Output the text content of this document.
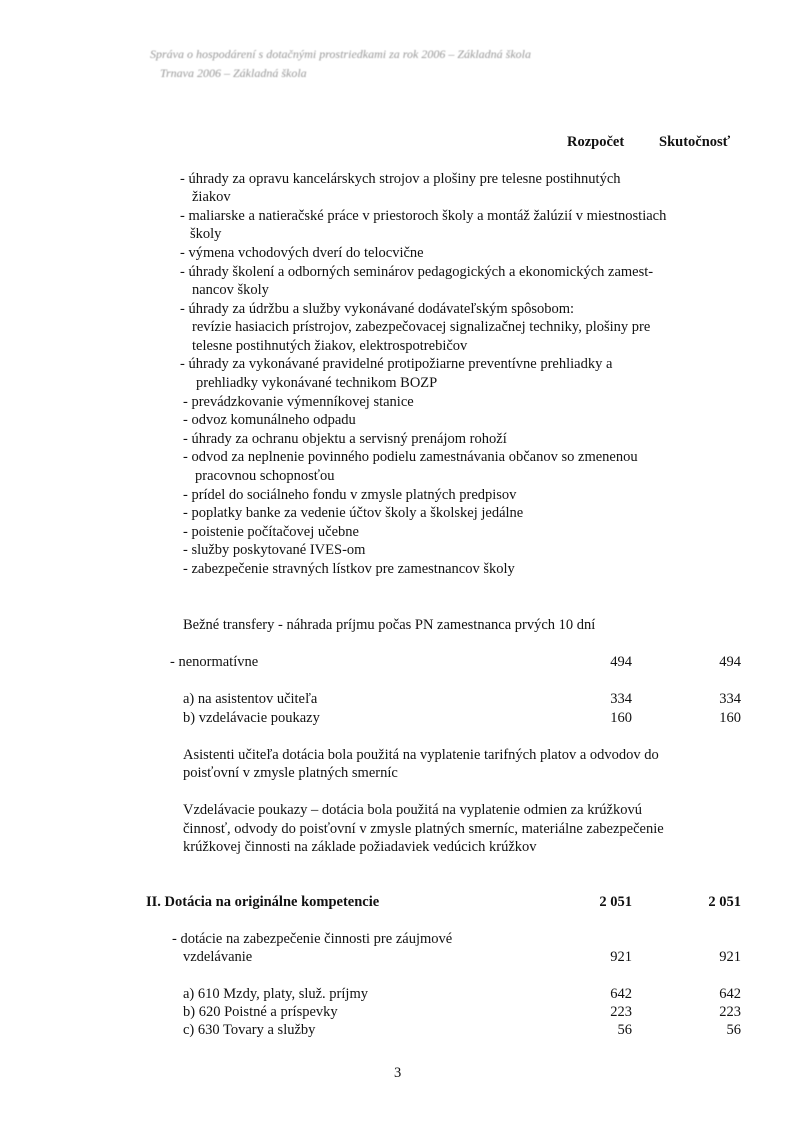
Správa o hospodárení s dotačnými prostriedkami za rok 2006 – Základná škola
Trnava 2006 – Základná škola
Rozpočet Skutočnosť
- úhrady za opravu kancelárskych strojov a plošiny pre telesne postihnutých
žiakov
- maliarske a natieračské práce v priestoroch školy a montáž žalúzií v miestnostiach
školy
- výmena vchodových dverí do telocvične
- úhrady školení a odborných seminárov pedagogických a ekonomických zamest-
nancov školy
- úhrady za údržbu a služby vykonávané dodávateľským spôsobom:
revízie hasiacich prístrojov, zabezpečovacej signalizačnej techniky, plošiny pre
telesne postihnutých žiakov, elektrospotrebičov
- úhrady za vykonávané pravidelné protipožiarne preventívne prehliadky a
prehliadky vykonávané technikom BOZP
- prevádzkovanie výmenníkovej stanice
- odvoz komunálneho odpadu
- úhrady za ochranu objektu a servisný prenájom rohoží
- odvod za neplnenie povinného podielu zamestnávania občanov so zmenenou
pracovnou schopnosťou
- prídel do sociálneho fondu v zmysle platných predpisov
- poplatky banke za vedenie účtov školy a školskej jedálne
- poistenie počítačovej učebne
- služby poskytované IVES-om
- zabezpečenie stravných lístkov pre zamestnancov školy
Bežné transfery - náhrada príjmu počas PN zamestnanca prvých 10 dní
- nenormatívne	494	494
a) na asistentov učiteľa	334	334
b) vzdelávacie poukazy	160	160
Asistenti učiteľa dotácia bola použitá na vyplatenie tarifných platov a odvodov do
poisťovní v zmysle platných smerníc
Vzdelávacie poukazy – dotácia bola použitá na vyplatenie odmien za krúžkovú
činnosť, odvody do poisťovní v zmysle platných smerníc, materiálne zabezpečenie
krúžkovej činnosti na základe požiadaviek vedúcich krúžkov
II. Dotácia na originálne kompetencie	2 051	2 051
- dotácie na zabezpečenie činnosti pre záujmové
vzdelávanie	921	921
a) 610 Mzdy, platy, služ. príjmy	642	642
b) 620 Poistné a príspevky	223	223
c) 630 Tovary a služby	56	56
3
